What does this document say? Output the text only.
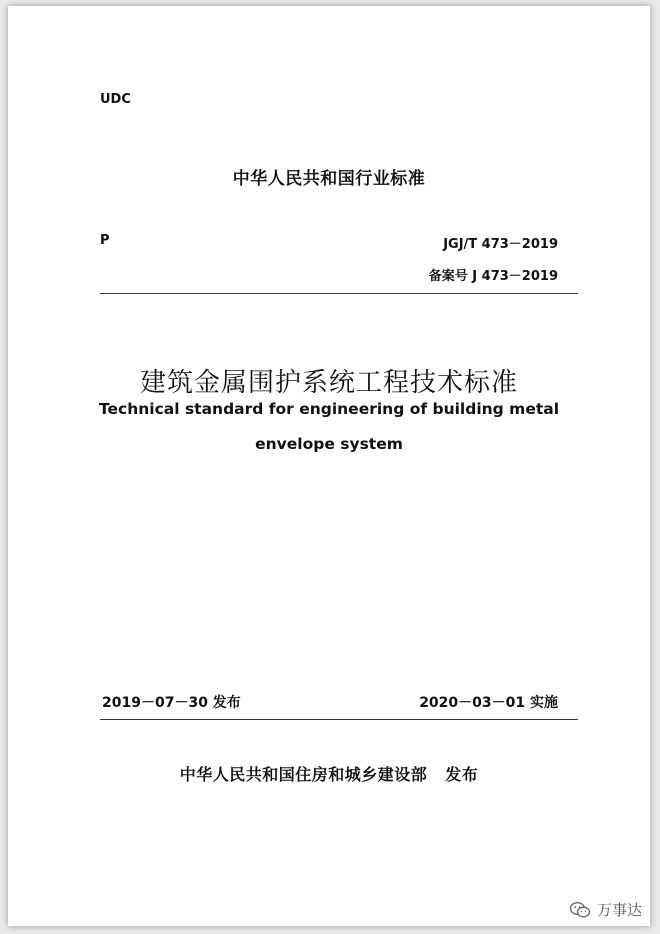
UDC
中华人民共和国行业标准
P	JGJ/T 473－2019
备案号 J 473－2019
建筑金属围护系统工程技术标准
Technical standard for engineering of building metal
envelope system
2019－07－30 发布	2020－03－01 实施
中华人民共和国住房和城乡建设部 发布
万事达
